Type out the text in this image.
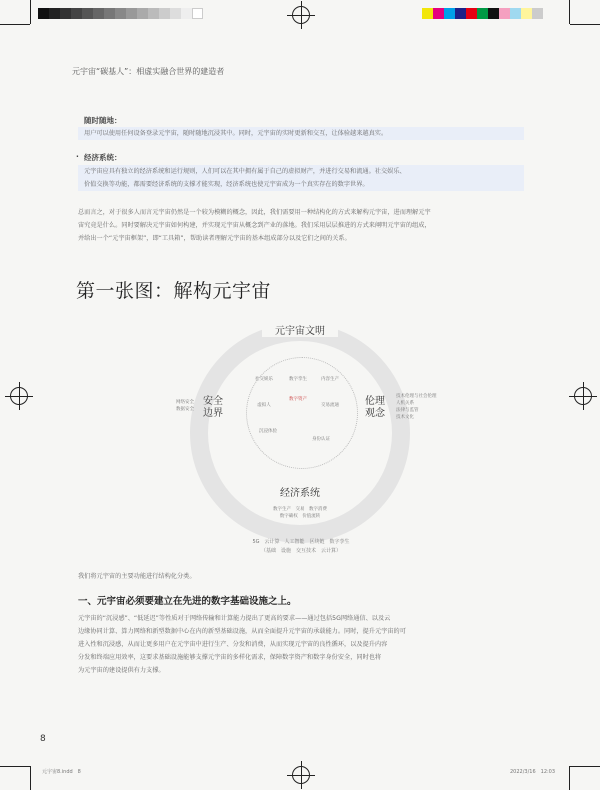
元宇宙“碳基人”：相虚实融合世界的建造者
随时随地：
用户可以使用任何设备登录元宇宙，随时随地沉浸其中。同时，元宇宙的实时更新和交互，让体验越来越真实。
· 经济系统：
元宇宙应具有独立的经济系统和运行规则，人们可以在其中拥有属于自己的虚拟财产，并进行交易和流通。社交娱乐、
价值交换等功能，都需要经济系统的支撑才能实现，经济系统也使元宇宙成为一个真实存在的数字世界。
总而言之，对于很多人而言元宇宙仍然是一个较为模糊的概念，因此，我们需要用一种结构化的方式来解构元宇宙，进而理解元宇
宙究竟是什么。同时要解决元宇宙如何构建，并实现元宇宙从概念到产业的落地。我们采用层层推进的方式来阐明元宇宙的组成，
并给出一个“元宇宙框架”，即“工具箱”，帮助读者理解元宇宙的基本组成部分以及它们之间的关系。
第一张图：解构元宇宙
元宇宙文明
安全
边界
伦理
观念
经济系统
网络安全
数据安全
技术伦理与社会伦理
人机关系
法律与监管
技术文化
社交娱乐	数字孪生	内容生产
虚拟人
数字资产
交易流通
沉浸体验
身份认证
数字生产　交易　数字消费
数字确权　价值流转
5G　云计算　人工智能　区块链　数字孪生
（基础　设施　交互技术　云计算）
我们将元宇宙的主要功能进行结构化分类。
一、元宇宙必须要建立在先进的数字基础设施之上。
元宇宙的“沉浸感”、“低延迟”等性质对于网络传输和计算能力提出了更高的要求——通过包括5G网络通信、以及云
边缘协同计算、算力网络和新型数据中心在内的新型基础设施，从而全面提升元宇宙的承载能力。同时，提升元宇宙的可
进入性和沉浸感，从而让更多用户在元宇宙中进行生产、分发和消费，从而实现元宇宙的良性循环，以及提升内容
分发和终端应用效率，这要求基础设施能够支撑元宇宙的多样化需求，保障数字资产和数字身份安全，同时也将
为元宇宙的建设提供有力支撑。
8
元宇宙8.indd　8	2022/3/16　12:03
